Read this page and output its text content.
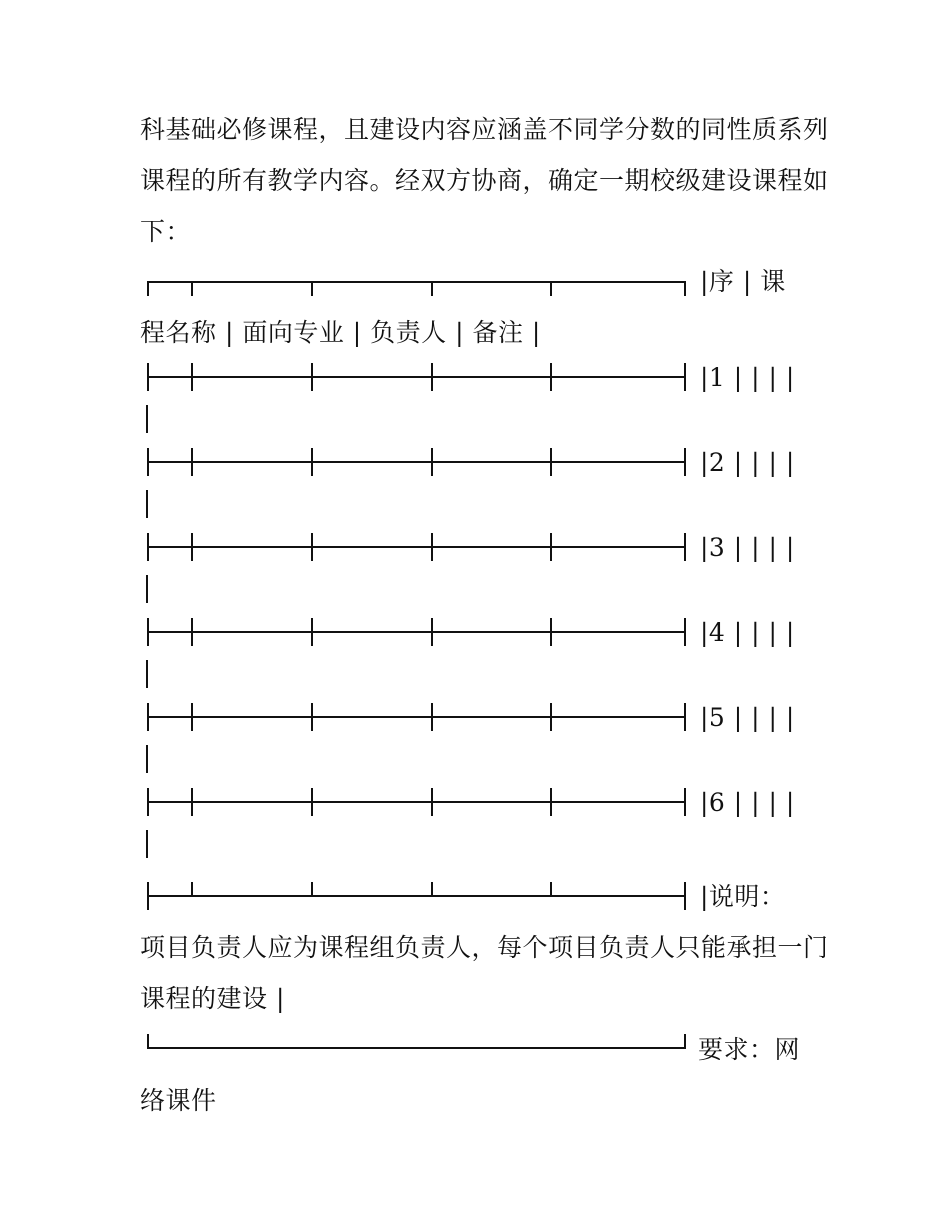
科基础必修课程，且建设内容应涵盖不同学分数的同性质系列
课程的所有教学内容。经双方协商，确定一期校级建设课程如
下：
|序 | 课
程名称 | 面向专业 | 负责人 | 备注 |
|1 | | | |
|2 | | | |
|3 | | | |
|4 | | | |
|5 | | | |
|6 | | | |
|说明：
项目负责人应为课程组负责人，每个项目负责人只能承担一门
课程的建设 |
要求：网
络课件
